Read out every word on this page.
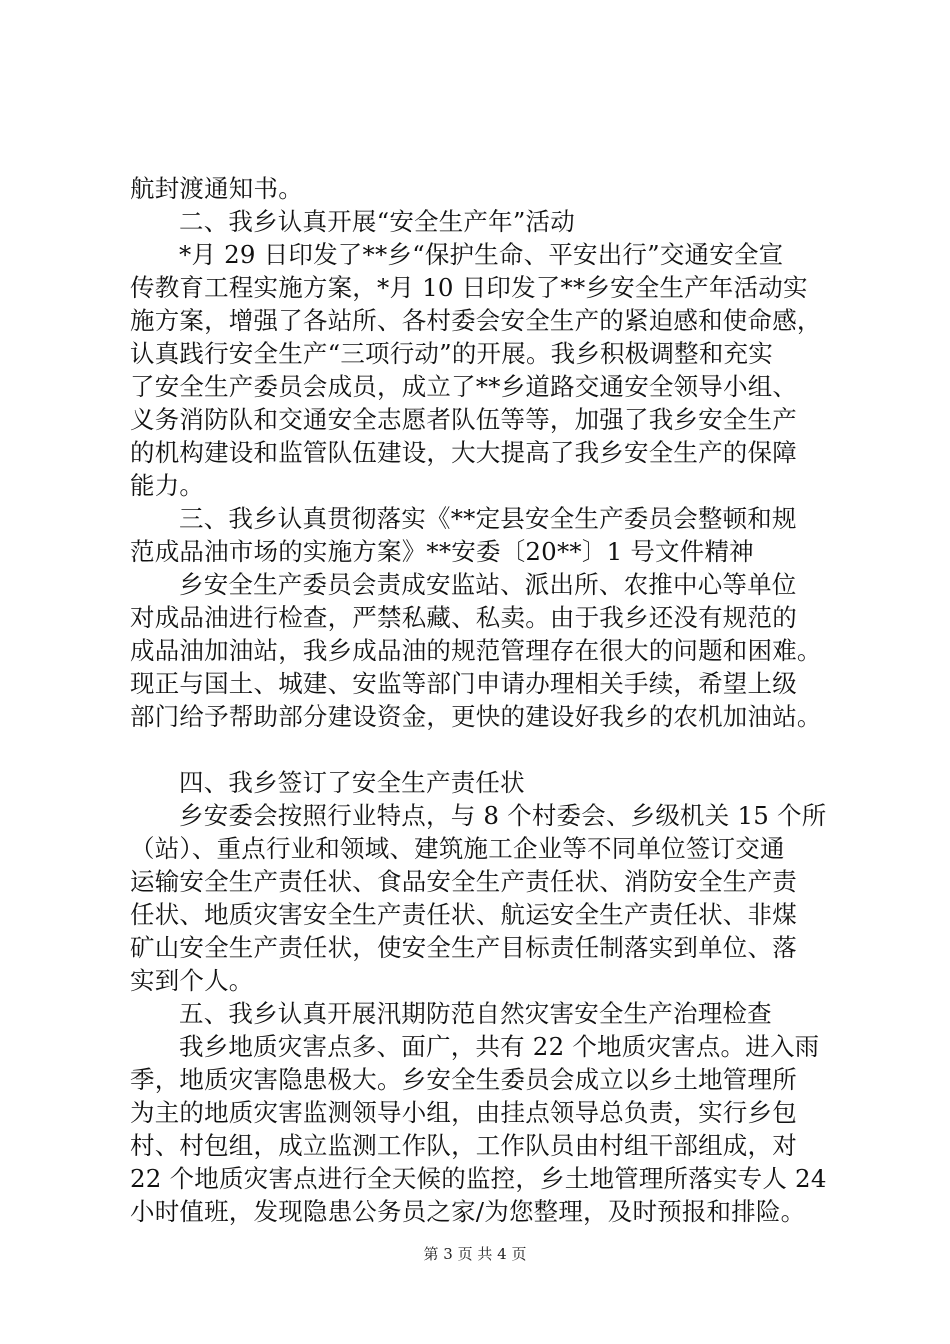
航封渡通知书。
二、我乡认真开展“安全生产年”活动
*月 29 日印发了**乡“保护生命、平安出行”交通安全宣
传教育工程实施方案，*月 10 日印发了**乡安全生产年活动实
施方案，增强了各站所、各村委会安全生产的紧迫感和使命感，
认真践行安全生产“三项行动”的开展。我乡积极调整和充实
了安全生产委员会成员，成立了**乡道路交通安全领导小组、
义务消防队和交通安全志愿者队伍等等，加强了我乡安全生产
的机构建设和监管队伍建设，大大提高了我乡安全生产的保障
能力。
三、我乡认真贯彻落实《**定县安全生产委员会整顿和规
范成品油市场的实施方案》**安委〔20**〕1 号文件精神
乡安全生产委员会责成安监站、派出所、农推中心等单位
对成品油进行检查，严禁私藏、私卖。由于我乡还没有规范的
成品油加油站，我乡成品油的规范管理存在很大的问题和困难。
现正与国土、城建、安监等部门申请办理相关手续，希望上级
部门给予帮助部分建设资金，更快的建设好我乡的农机加油站。
四、我乡签订了安全生产责任状
乡安委会按照行业特点，与 8 个村委会、乡级机关 15 个所
（站）、重点行业和领域、建筑施工企业等不同单位签订交通
运输安全生产责任状、食品安全生产责任状、消防安全生产责
任状、地质灾害安全生产责任状、航运安全生产责任状、非煤
矿山安全生产责任状，使安全生产目标责任制落实到单位、落
实到个人。
五、我乡认真开展汛期防范自然灾害安全生产治理检查
我乡地质灾害点多、面广，共有 22 个地质灾害点。进入雨
季，地质灾害隐患极大。乡安全生委员会成立以乡土地管理所
为主的地质灾害监测领导小组，由挂点领导总负责，实行乡包
村、村包组，成立监测工作队，工作队员由村组干部组成，对
22 个地质灾害点进行全天候的监控，乡土地管理所落实专人 24
小时值班，发现隐患公务员之家/为您整理，及时预报和排险。
第 3 页 共 4 页
